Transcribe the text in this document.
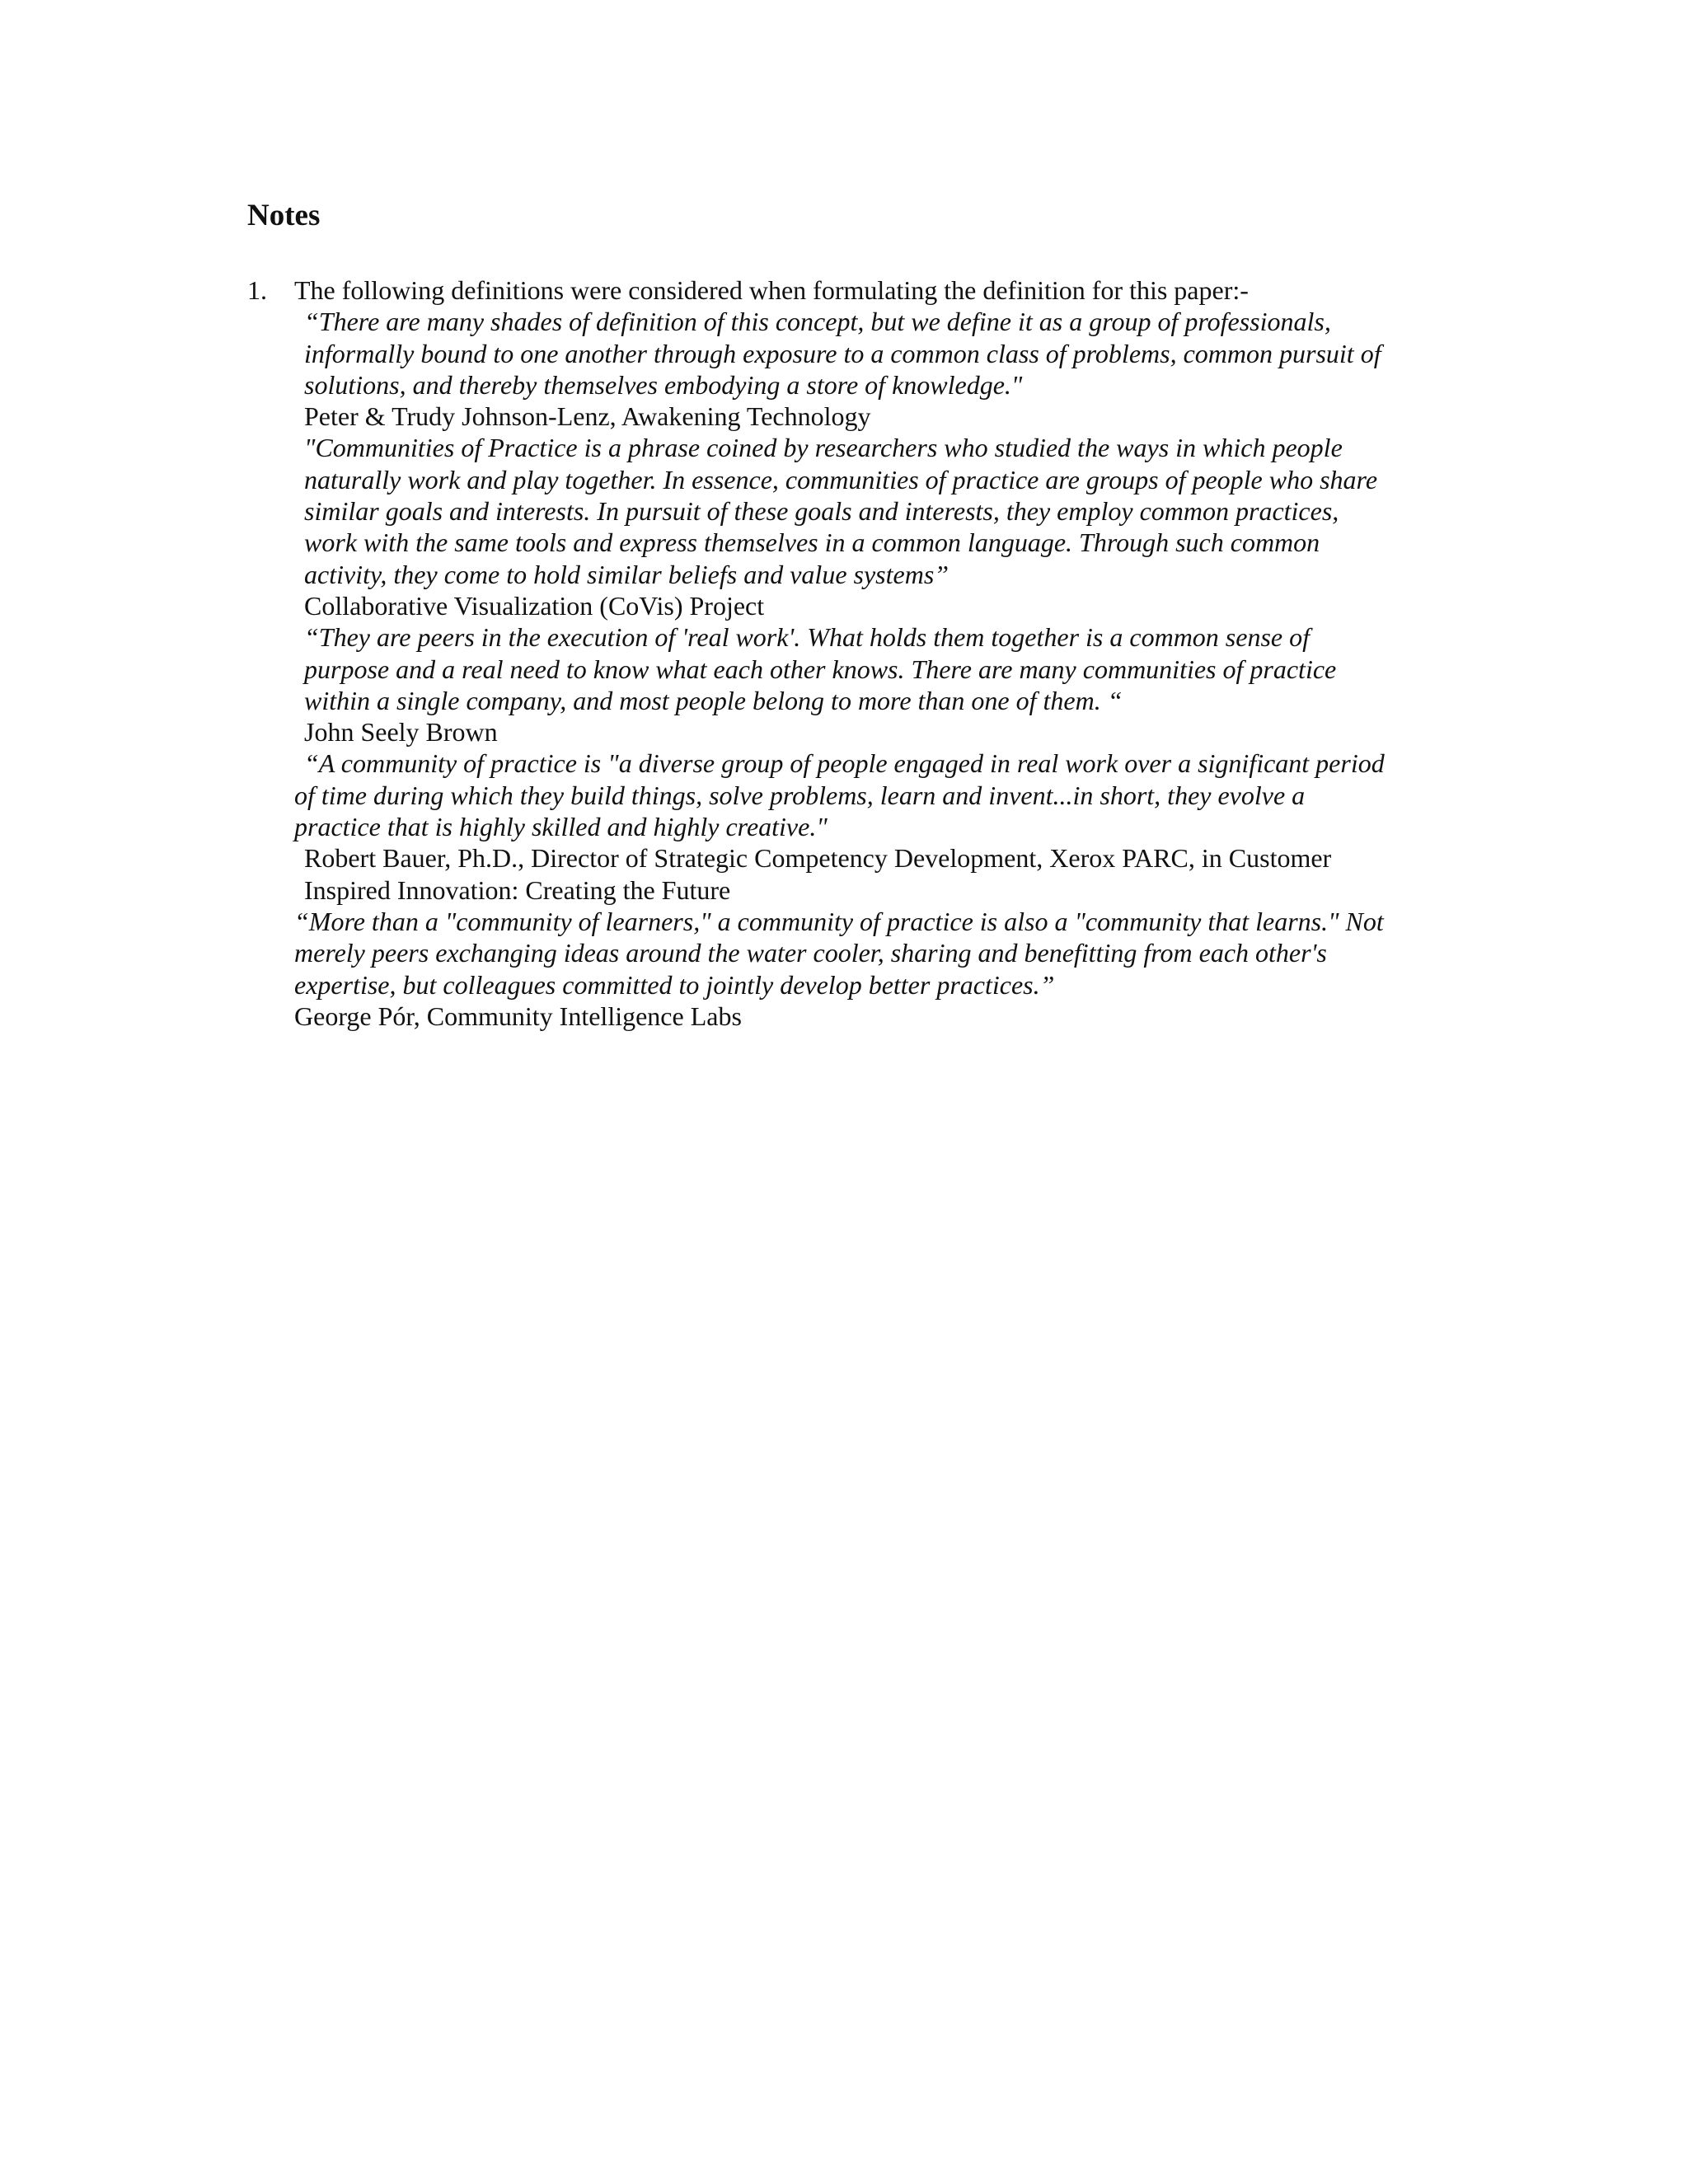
Notes
1. The following definitions were considered when formulating the definition for this paper:-
“There are many shades of definition of this concept, but we define it as a group of professionals,
informally bound to one another through exposure to a common class of problems, common pursuit of
solutions, and thereby themselves embodying a store of knowledge."
Peter & Trudy Johnson-Lenz, Awakening Technology
"Communities of Practice is a phrase coined by researchers who studied the ways in which people
naturally work and play together. In essence, communities of practice are groups of people who share
similar goals and interests. In pursuit of these goals and interests, they employ common practices,
work with the same tools and express themselves in a common language. Through such common
activity, they come to hold similar beliefs and value systems”
Collaborative Visualization (CoVis) Project
“They are peers in the execution of 'real work'. What holds them together is a common sense of
purpose and a real need to know what each other knows. There are many communities of practice
within a single company, and most people belong to more than one of them. “
John Seely Brown
“A community of practice is "a diverse group of people engaged in real work over a significant period
of time during which they build things, solve problems, learn and invent...in short, they evolve a
practice that is highly skilled and highly creative."
Robert Bauer, Ph.D., Director of Strategic Competency Development, Xerox PARC, in Customer
Inspired Innovation: Creating the Future
“More than a "community of learners," a community of practice is also a "community that learns." Not
merely peers exchanging ideas around the water cooler, sharing and benefitting from each other's
expertise, but colleagues committed to jointly develop better practices.”
George Pór, Community Intelligence Labs
